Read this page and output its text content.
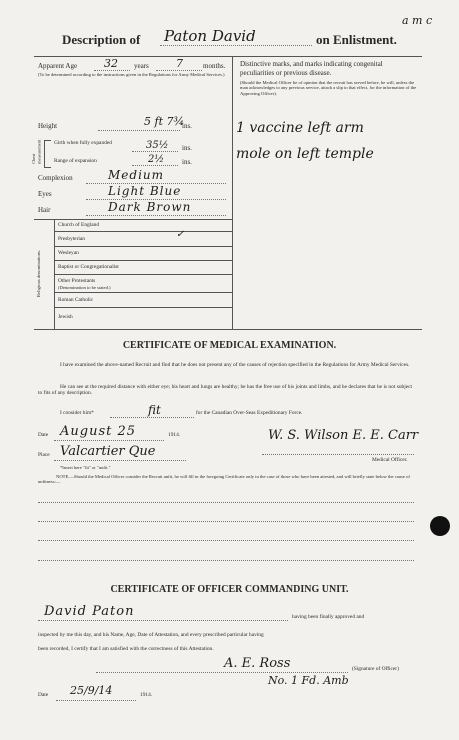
a m c
Description of Paton David	on Enlistment.
Apparent Age 32 years 7	months.
(To be determined according to the instructions given in the Regulations for Army Medical Services.)
Height	5 ft 7¾
ins.
Chest measurement	Girth when fully expanded	35½ ins.
Range of expansion	2½	ins.
Complexion	Medium
Eyes	Light Blue
Hair	Dark Brown
Religious denominations.
Church of England
Presbyterian	✓
Wesleyan
Baptist or Congregationalist
Other Protestants
(Denomination to be stated.)
Roman Catholic
Jewish
Distinctive marks, and marks indicating congenital peculiarities or previous disease.
(Should the Medical Officer be of opinion that the recruit has served before, he will, unless the man acknowledges to any previous service, attach a slip to that effect, for the information of the Approving Officer).
1 vaccine left arm
mole on left temple
CERTIFICATE OF MEDICAL EXAMINATION.
I have examined the above-named Recruit and find that he does not present any of the causes of rejection specified in the Regulations for Army Medical Services.
He can see at the required distance with either eye; his heart and lungs are healthy; he has the free use of his joints and limbs, and he declares that he is not subject to fits of any description.
I consider him*	fit	for the Canadian Over-Seas Expeditionary Force.
Date August 25	1914.
Place Valcartier Que
W. S. Wilson E. E. Carr
Medical Officer.
*Insert here "fit" or "unfit."
NOTE.—Should the Medical Officer consider the Recruit unfit, he will fill in the foregoing Certificate only in the case of those who have been attested, and will briefly state below the cause of unfitness:—
CERTIFICATE OF OFFICER COMMANDING UNIT.
David Paton	having been finally approved and
inspected by me this day, and his Name, Age, Date of Attestation, and every prescribed particular having
been recorded, I certify that I am satisfied with the correctness of this Attestation.
A. E. Ross	(Signature of Officer)
No. 1 Fd. Amb
Date 25/9/14	1914.
